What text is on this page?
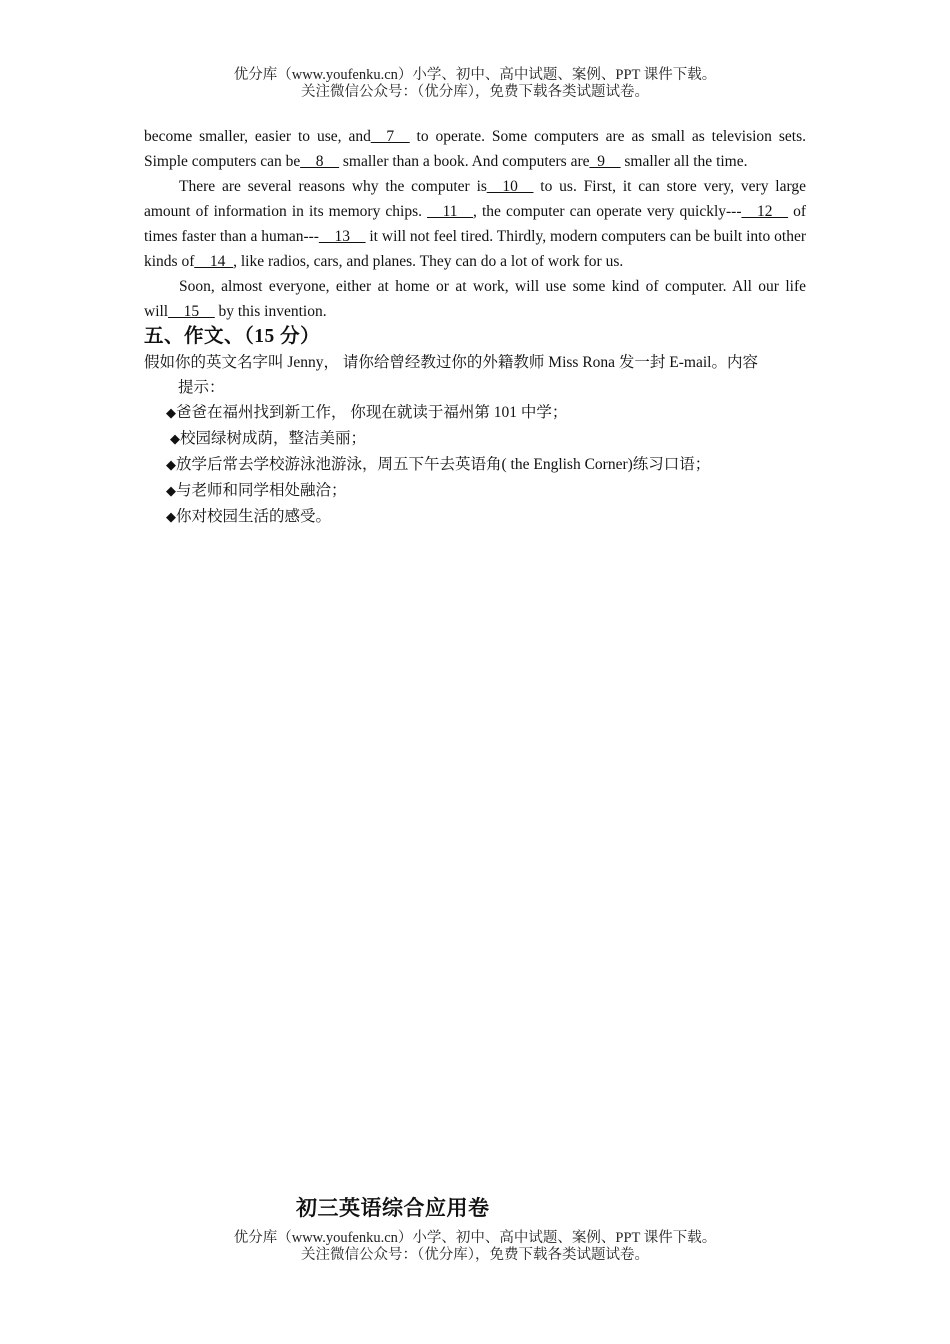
优分库（www.youfenku.cn）小学、初中、高中试题、案例、PPT 课件下载。
关注微信公众号：（优分库），免费下载各类试题试卷。

become smaller, easier to use, and__7__ to operate. Some computers are as small as television sets. Simple computers can be__8__ smaller than a book. And computers are_9__ smaller all the time.

There are several reasons why the computer is__10__ to us. First, it can store very, very large amount of information in its memory chips. __11__, the computer can operate very quickly---__12__ of times faster than a human---__13__ it will not feel tired. Thirdly, modern computers can be built into other kinds of__14_, like radios, cars, and planes. They can do a lot of work for us.

Soon, almost everyone, either at home or at work, will use some kind of computer. All our life will__15__ by this invention.

五、作文、（15 分）

假如你的英文名字叫 Jenny， 请你给曾经教过你的外籍教师 Miss Rona 发一封 E-mail。内容

提示：

◆爸爸在福州找到新工作， 你现在就读于福州第 101 中学；

◆校园绿树成荫，整洁美丽；

◆放学后常去学校游泳池游泳，周五下午去英语角( the English Corner)练习口语；

◆与老师和同学相处融洽；

◆你对校园生活的感受。

初三英语综合应用卷
优分库（www.youfenku.cn）小学、初中、高中试题、案例、PPT 课件下载。
关注微信公众号：（优分库），免费下载各类试题试卷。
